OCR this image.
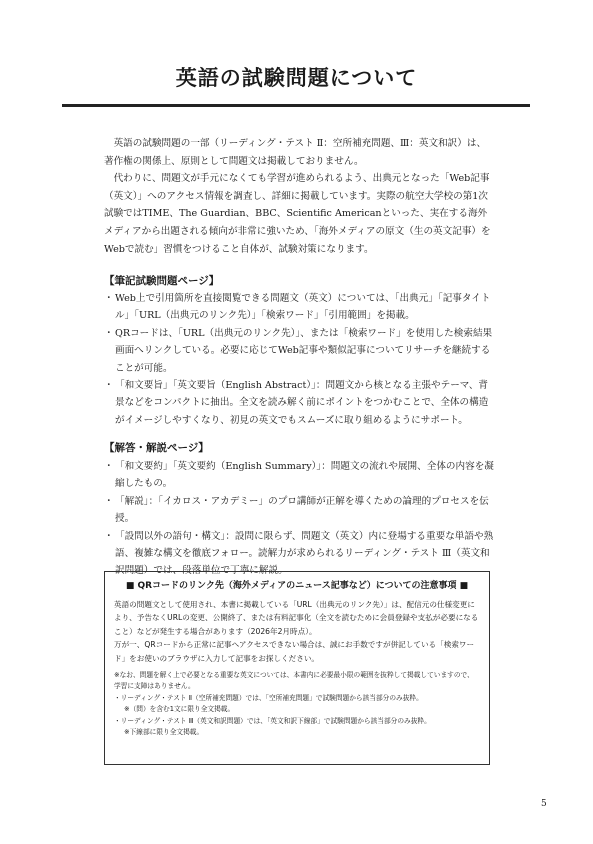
英語の試験問題について

英語の試験問題の一部（リーディング・テスト Ⅱ：空所補充問題、Ⅲ：英文和訳）は、著作権の関係上、原則として問題文は掲載しておりません。

代わりに、問題文が手元になくても学習が進められるよう、出典元となった「Web記事（英文）」へのアクセス情報を調査し、詳細に掲載しています。実際の航空大学校の第1次試験ではTIME、The Guardian、BBC、Scientific Americanといった、実在する海外メディアから出題される傾向が非常に強いため、「海外メディアの原文（生の英文記事）をWebで読む」習慣をつけること自体が、試験対策になります。

【筆記試験問題ページ】
・ Web上で引用箇所を直接閲覧できる問題文（英文）については、「出典元」「記事タイトル」「URL（出典元のリンク先）」「検索ワード」「引用範囲」を掲載。
・ QRコードは、「URL（出典元のリンク先）」、または「検索ワード」を使用した検索結果画面へリンクしている。必要に応じてWeb記事や類似記事についてリサーチを継続することが可能。
・ 「和文要旨」「英文要旨（English Abstract）」：問題文から核となる主張やテーマ、背景などをコンパクトに抽出。全文を読み解く前にポイントをつかむことで、全体の構造がイメージしやすくなり、初見の英文でもスムーズに取り組めるようにサポート。
【解答・解説ページ】
・ 「和文要約」「英文要約（English Summary）」：問題文の流れや展開、全体の内容を凝縮したもの。
・ 「解説」：「イカロス・アカデミー」のプロ講師が正解を導くための論理的プロセスを伝授。
・ 「設問以外の語句・構文」：設問に限らず、問題文（英文）内に登場する重要な単語や熟語、複雑な構文を徹底フォロー。読解力が求められるリーディング・テスト Ⅲ（英文和訳問題）では、段落単位で丁寧に解説。

■ QRコードのリンク先（海外メディアのニュース記事など）についての注意事項 ■

英語の問題文として使用され、本書に掲載している「URL（出典元のリンク先）」は、配信元の仕様変更により、予告なくURLの変更、公開終了、または有料記事化（全文を読むために会員登録や支払が必要になること）などが発生する場合があります（2026年2月時点）。

万が一、QRコードから正常に記事へアクセスできない場合は、誠にお手数ですが併記している「検索ワード」をお使いのブラウザに入力して記事をお探しください。

※なお、問題を解く上で必要となる重要な英文については、本書内に必要最小限の範囲を抜粋して掲載していますので、学習に支障はありません。
・リーディング・テスト Ⅱ（空所補充問題）では、「空所補充問題」で試験問題から該当部分のみ抜粋。
※（問）を含む1文に限り全文掲載。
・リーディング・テスト Ⅲ（英文和訳問題）では、「英文和訳下線部」で試験問題から該当部分のみ抜粋。
※下線部に限り全文掲載。
5
